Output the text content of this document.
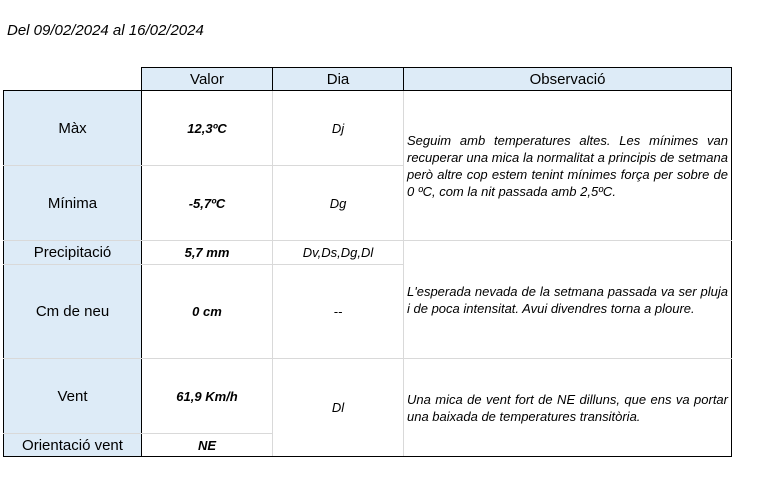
Del 09/02/2024 al 16/02/2024
	Valor	Dia	Observació
Màx	12,3ºC	Dj	Seguim amb temperatures altes. Les mínimes van recuperar una mica la normalitat a principis de setmana però altre cop estem tenint mínimes força per sobre de 0 ºC, com la nit passada amb 2,5ºC.
Mínima	-5,7ºC	Dg	
Precipitació	5,7 mm	Dv,Ds,Dg,Dl	L'esperada nevada de la setmana passada va ser pluja i de poca intensitat. Avui divendres torna a ploure.
Cm de neu	0 cm	--	
Vent	61,9 Km/h	Dl	Una mica de vent fort de NE dilluns, que ens va portar una baixada de temperatures transitòria.
Orientació vent	NE		
